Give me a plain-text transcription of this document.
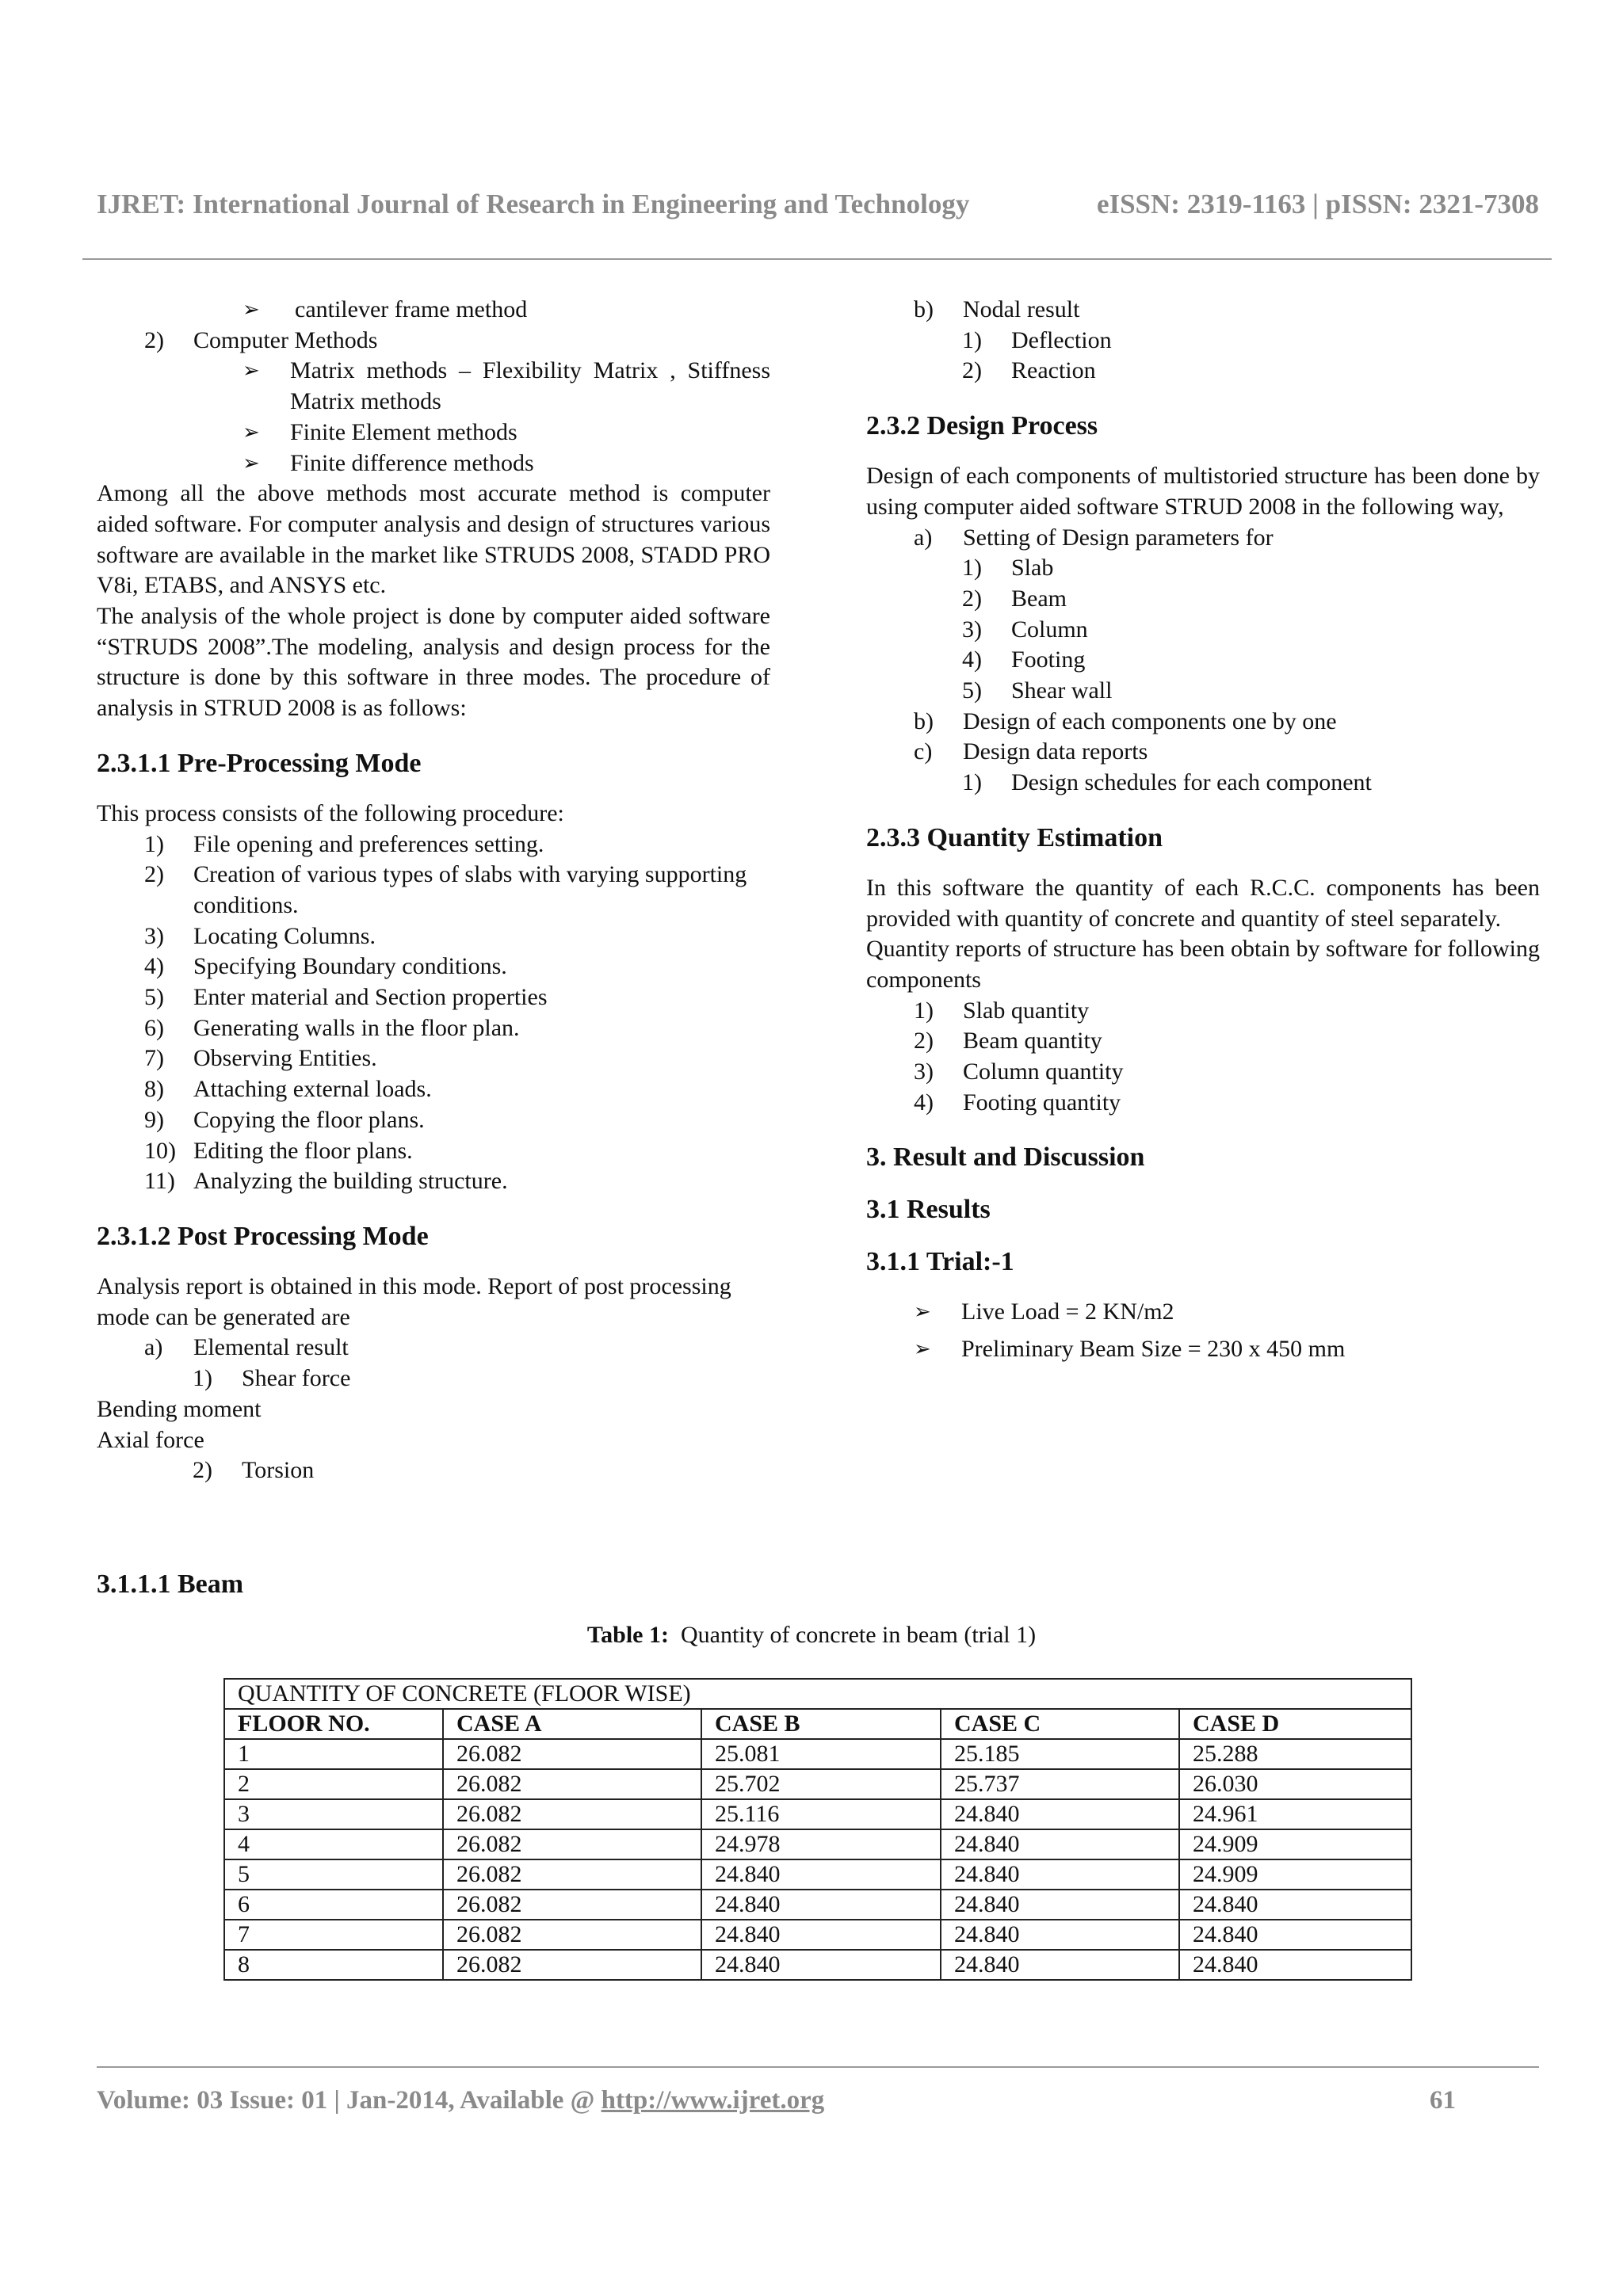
IJRET: International Journal of Research in Engineering and Technology	eISSN: 2319-1163 | pISSN: 2321-7308
➢ cantilever frame method
2) Computer Methods
➢ Matrix methods – Flexibility Matrix , Stiffness Matrix methods
➢ Finite Element methods
➢ Finite difference methods
Among all the above methods most accurate method is computer aided software. For computer analysis and design of structures various software are available in the market like STRUDS 2008, STADD PRO V8i, ETABS, and ANSYS etc.
The analysis of the whole project is done by computer aided software “STRUDS 2008”.The modeling, analysis and design process for the structure is done by this software in three modes. The procedure of analysis in STRUD 2008 is as follows:
2.3.1.1 Pre-Processing Mode
This process consists of the following procedure:
1) File opening and preferences setting.
2) Creation of various types of slabs with varying supporting conditions.
3) Locating Columns.
4) Specifying Boundary conditions.
5) Enter material and Section properties
6) Generating walls in the floor plan.
7) Observing Entities.
8) Attaching external loads.
9) Copying the floor plans.
10) Editing the floor plans.
11) Analyzing the building structure.
2.3.1.2 Post Processing Mode
Analysis report is obtained in this mode. Report of post processing mode can be generated are
a) Elemental result
1) Shear force
Bending moment
Axial force
2) Torsion
b) Nodal result
1) Deflection
2) Reaction
2.3.2 Design Process
Design of each components of multistoried structure has been done by using computer aided software STRUD 2008 in the following way,
a) Setting of Design parameters for
1) Slab
2) Beam
3) Column
4) Footing
5) Shear wall
b) Design of each components one by one
c) Design data reports
1) Design schedules for each component
2.3.3 Quantity Estimation
In this software the quantity of each R.C.C. components has been provided with quantity of concrete and quantity of steel separately.
Quantity reports of structure has been obtain by software for following components
1) Slab quantity
2) Beam quantity
3) Column quantity
4) Footing quantity
3. Result and Discussion
3.1 Results
3.1.1 Trial:-1
➢ Live Load = 2 KN/m2
➢ Preliminary Beam Size = 230 x 450 mm
3.1.1.1 Beam
Table 1: Quantity of concrete in beam (trial 1)
QUANTITY OF CONCRETE (FLOOR WISE)				
FLOOR NO.	CASE A	CASE B	CASE C	CASE D
1	26.082	25.081	25.185	25.288
2	26.082	25.702	25.737	26.030
3	26.082	25.116	24.840	24.961
4	26.082	24.978	24.840	24.909
5	26.082	24.840	24.840	24.909
6	26.082	24.840	24.840	24.840
7	26.082	24.840	24.840	24.840
8	26.082	24.840	24.840	24.840
Volume: 03 Issue: 01 | Jan-2014, Available @ http://www.ijret.org	61
